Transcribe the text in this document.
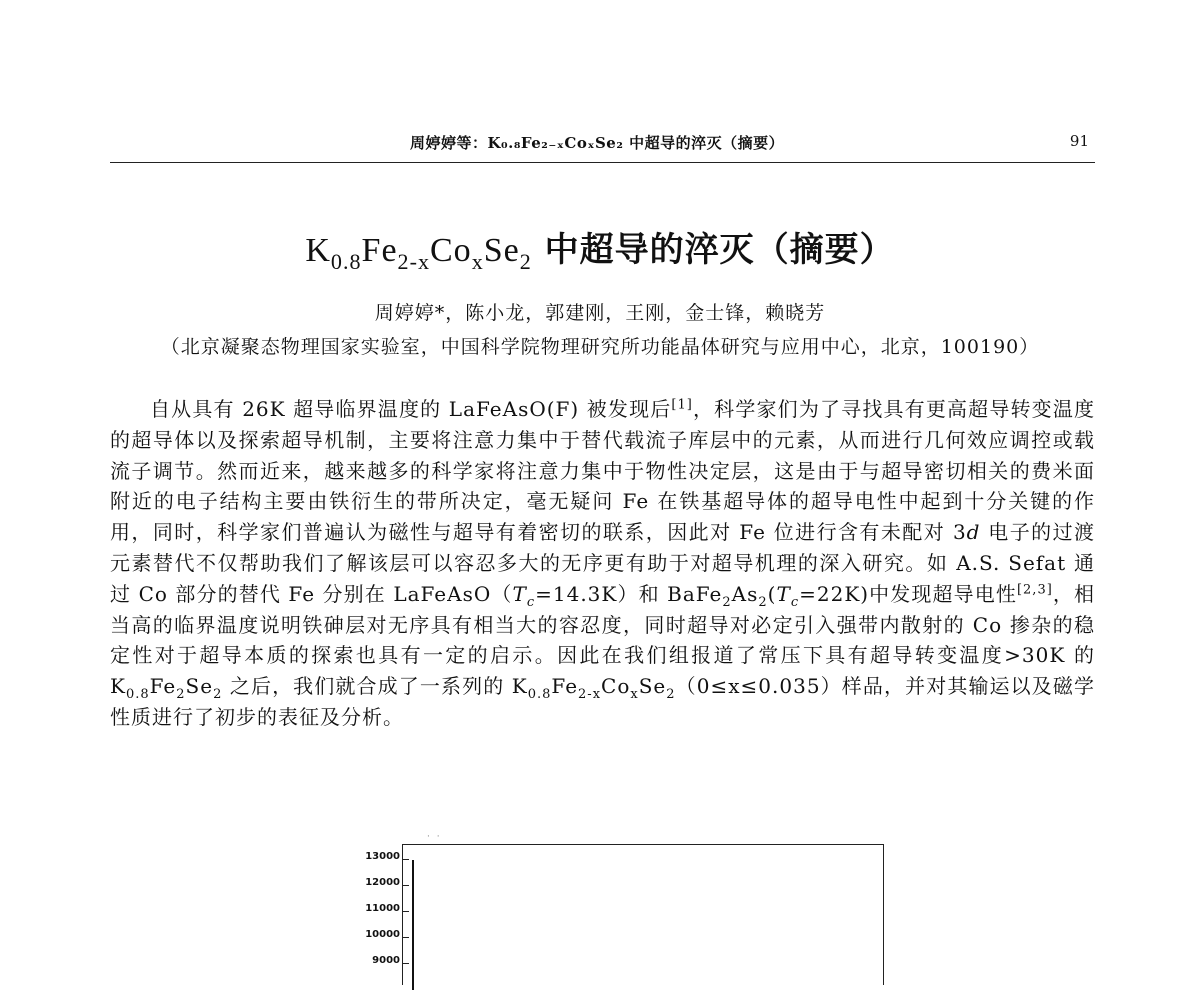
周婷婷等：K₀.₈Fe₂₋ₓCoₓSe₂ 中超导的淬灭（摘要）	91
$K_{0.8}Fe_{2-x}Co_xSe_2$ 中超导的淬灭（摘要）
周婷婷*，陈小龙，郭建刚，王刚，金士锋，赖晓芳
（北京凝聚态物理国家实验室，中国科学院物理研究所功能晶体研究与应用中心，北京，100190）

自从具有 26K 超导临界温度的 LaFeAsO(F) 被发现后[1]，科学家们为了寻找具有更高超导转变温度的超导体以及探索超导机制，主要将注意力集中于替代载流子库层中的元素，从而进行几何效应调控或载流子调节。然而近来，越来越多的科学家将注意力集中于物性决定层，这是由于与超导密切相关的费米面附近的电子结构主要由铁衍生的带所决定，毫无疑问 Fe 在铁基超导体的超导电性中起到十分关键的作用，同时，科学家们普遍认为磁性与超导有着密切的联系，因此对 Fe 位进行含有未配对 3d 电子的过渡元素替代不仅帮助我们了解该层可以容忍多大的无序更有助于对超导机理的深入研究。如 A.S. Sefat 通过 Co 部分的替代 Fe 分别在 $LaFeAsO(T_c=14.3K)$和 $BaFe_2As_2(T_c=22K)$中发现超导电性[2,3]，相当高的临界温度说明铁砷层对无序具有相当大的容忍度，同时超导对必定引入强带内散射的 Co 掺杂的稳定性对于超导本质的探索也具有一定的启示。因此在我们组报道了常压下具有超导转变温度>30K 的 $K_{0.8}Fe_2Se_2$ 之后，我们就合成了一系列的 $K_{0.8}Fe_{2-x}Co_xSe_2(0\le x\le 0.035)$样品，并对其输运以及磁学性质进行了初步的表征及分析。

· ·
13000
12000
11000
10000
9000
